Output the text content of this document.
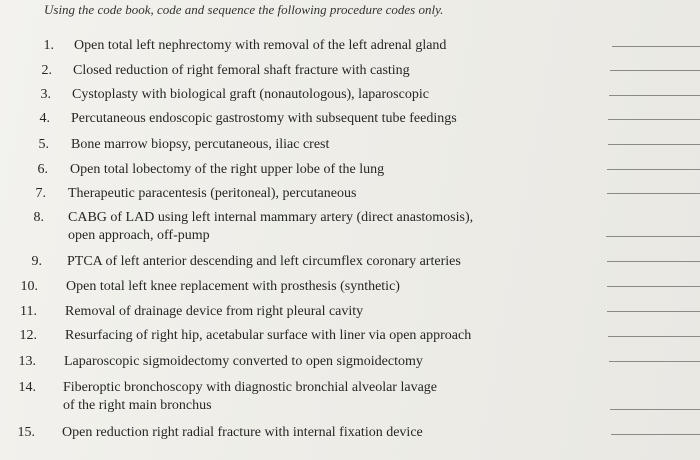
Using the code book, code and sequence the following procedure codes only.
1. Open total left nephrectomy with removal of the left adrenal gland
2. Closed reduction of right femoral shaft fracture with casting
3. Cystoplasty with biological graft (nonautologous), laparoscopic
4. Percutaneous endoscopic gastrostomy with subsequent tube feedings
5. Bone marrow biopsy, percutaneous, iliac crest
6. Open total lobectomy of the right upper lobe of the lung
7. Therapeutic paracentesis (peritoneal), percutaneous
8. CABG of LAD using left internal mammary artery (direct anastomosis),
open approach, off-pump
9. PTCA of left anterior descending and left circumflex coronary arteries
10. Open total left knee replacement with prosthesis (synthetic)
11. Removal of drainage device from right pleural cavity
12. Resurfacing of right hip, acetabular surface with liner via open approach
13. Laparoscopic sigmoidectomy converted to open sigmoidectomy
14. Fiberoptic bronchoscopy with diagnostic bronchial alveolar lavage
of the right main bronchus
15. Open reduction right radial fracture with internal fixation device
